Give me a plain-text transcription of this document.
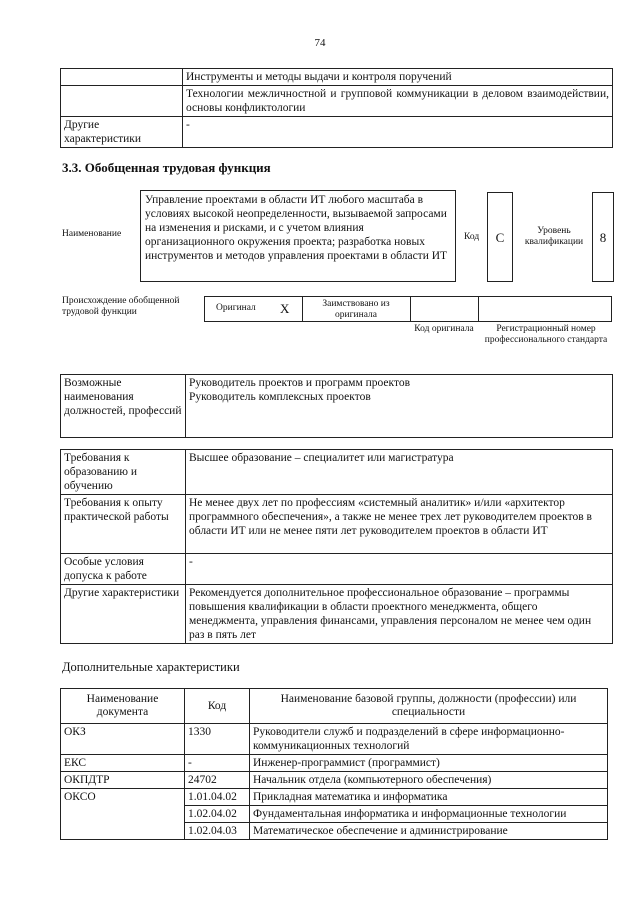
74
	Инструменты и методы выдачи и контроля поручений
	Технологии межличностной и групповой коммуникации в деловом взаимодействии, основы конфликтологии
Другие характеристики	-
3.3. Обобщенная трудовая функция
Наименование
Управление проектами в области ИТ любого масштаба в условиях высокой неопределенности, вызываемой запросами на изменения и рисками, и с учетом влияния организационного окружения проекта; разработка новых инструментов и методов управления проектами в области ИТ
Код	С	Уровень квалификации	8
Происхождение обобщенной трудовой функции	Оригинал X	Заимствовано из оригинала
Код оригинала	Регистрационный номер профессионального стандарта
Возможные наименования должностей, профессий	
Руководитель проектов и программ проектов
Руководитель комплексных проектов
Требования к образованию и обучению	Высшее образование – специалитет или магистратура
Требования к опыту практической работы	Не менее двух лет по профессиям «системный аналитик» и/или «архитектор программного обеспечения», а также не менее трех лет руководителем проектов в области ИТ или не менее пяти лет руководителем проектов в области ИТ
Особые условия допуска к работе	-
Другие характеристики	Рекомендуется дополнительное профессиональное образование – программы повышения квалификации в области проектного менеджмента, общего менеджмента, управления финансами, управления персоналом не менее чем один раз в пять лет
Дополнительные характеристики
Наименование документа	Код	Наименование базовой группы, должности (профессии) или специальности
ОКЗ	1330	Руководители служб и подразделений в сфере информационно-коммуникационных технологий
ЕКС	-	Инженер-программист (программист)
ОКПДТР	24702	Начальник отдела (компьютерного обеспечения)
ОКСО	1.01.04.02	Прикладная математика и информатика
	1.02.04.02	Фундаментальная информатика и информационные технологии
	1.02.04.03	Математическое обеспечение и администрирование
